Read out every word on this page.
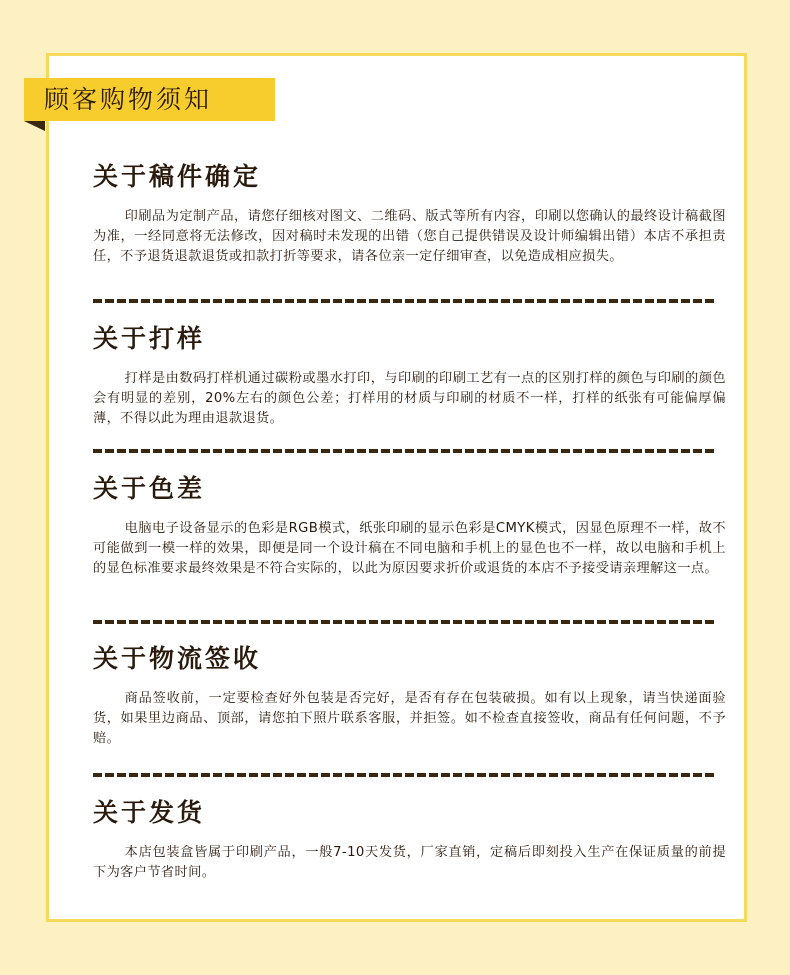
顾客购物须知
关于稿件确定

印刷品为定制产品，请您仔细核对图文、二维码、版式等所有内容，印刷以您确认的最终设计稿截图为准，一经同意将无法修改，因对稿时未发现的出错（您自己提供错误及设计师编辑出错）本店不承担责任，不予退货退款退货或扣款打折等要求，请各位亲一定仔细审查，以免造成相应损失。

关于打样

打样是由数码打样机通过碳粉或墨水打印，与印刷的印刷工艺有一点的区别打样的颜色与印刷的颜色会有明显的差别，20%左右的颜色公差；打样用的材质与印刷的材质不一样，打样的纸张有可能偏厚偏薄，不得以此为理由退款退货。

关于色差

电脑电子设备显示的色彩是RGB模式，纸张印刷的显示色彩是CMYK模式，因显色原理不一样，故不可能做到一模一样的效果，即便是同一个设计稿在不同电脑和手机上的显色也不一样，故以电脑和手机上的显色标准要求最终效果是不符合实际的，以此为原因要求折价或退货的本店不予接受请亲理解这一点。

关于物流签收

商品签收前，一定要检查好外包装是否完好，是否有存在包装破损。如有以上现象，请当快递面验货，如果里边商品、顶部，请您拍下照片联系客服，并拒签。如不检查直接签收，商品有任何问题，不予赔。

关于发货

本店包装盒皆属于印刷产品，一般7-10天发货，厂家直销，定稿后即刻投入生产在保证质量的前提下为客户节省时间。
